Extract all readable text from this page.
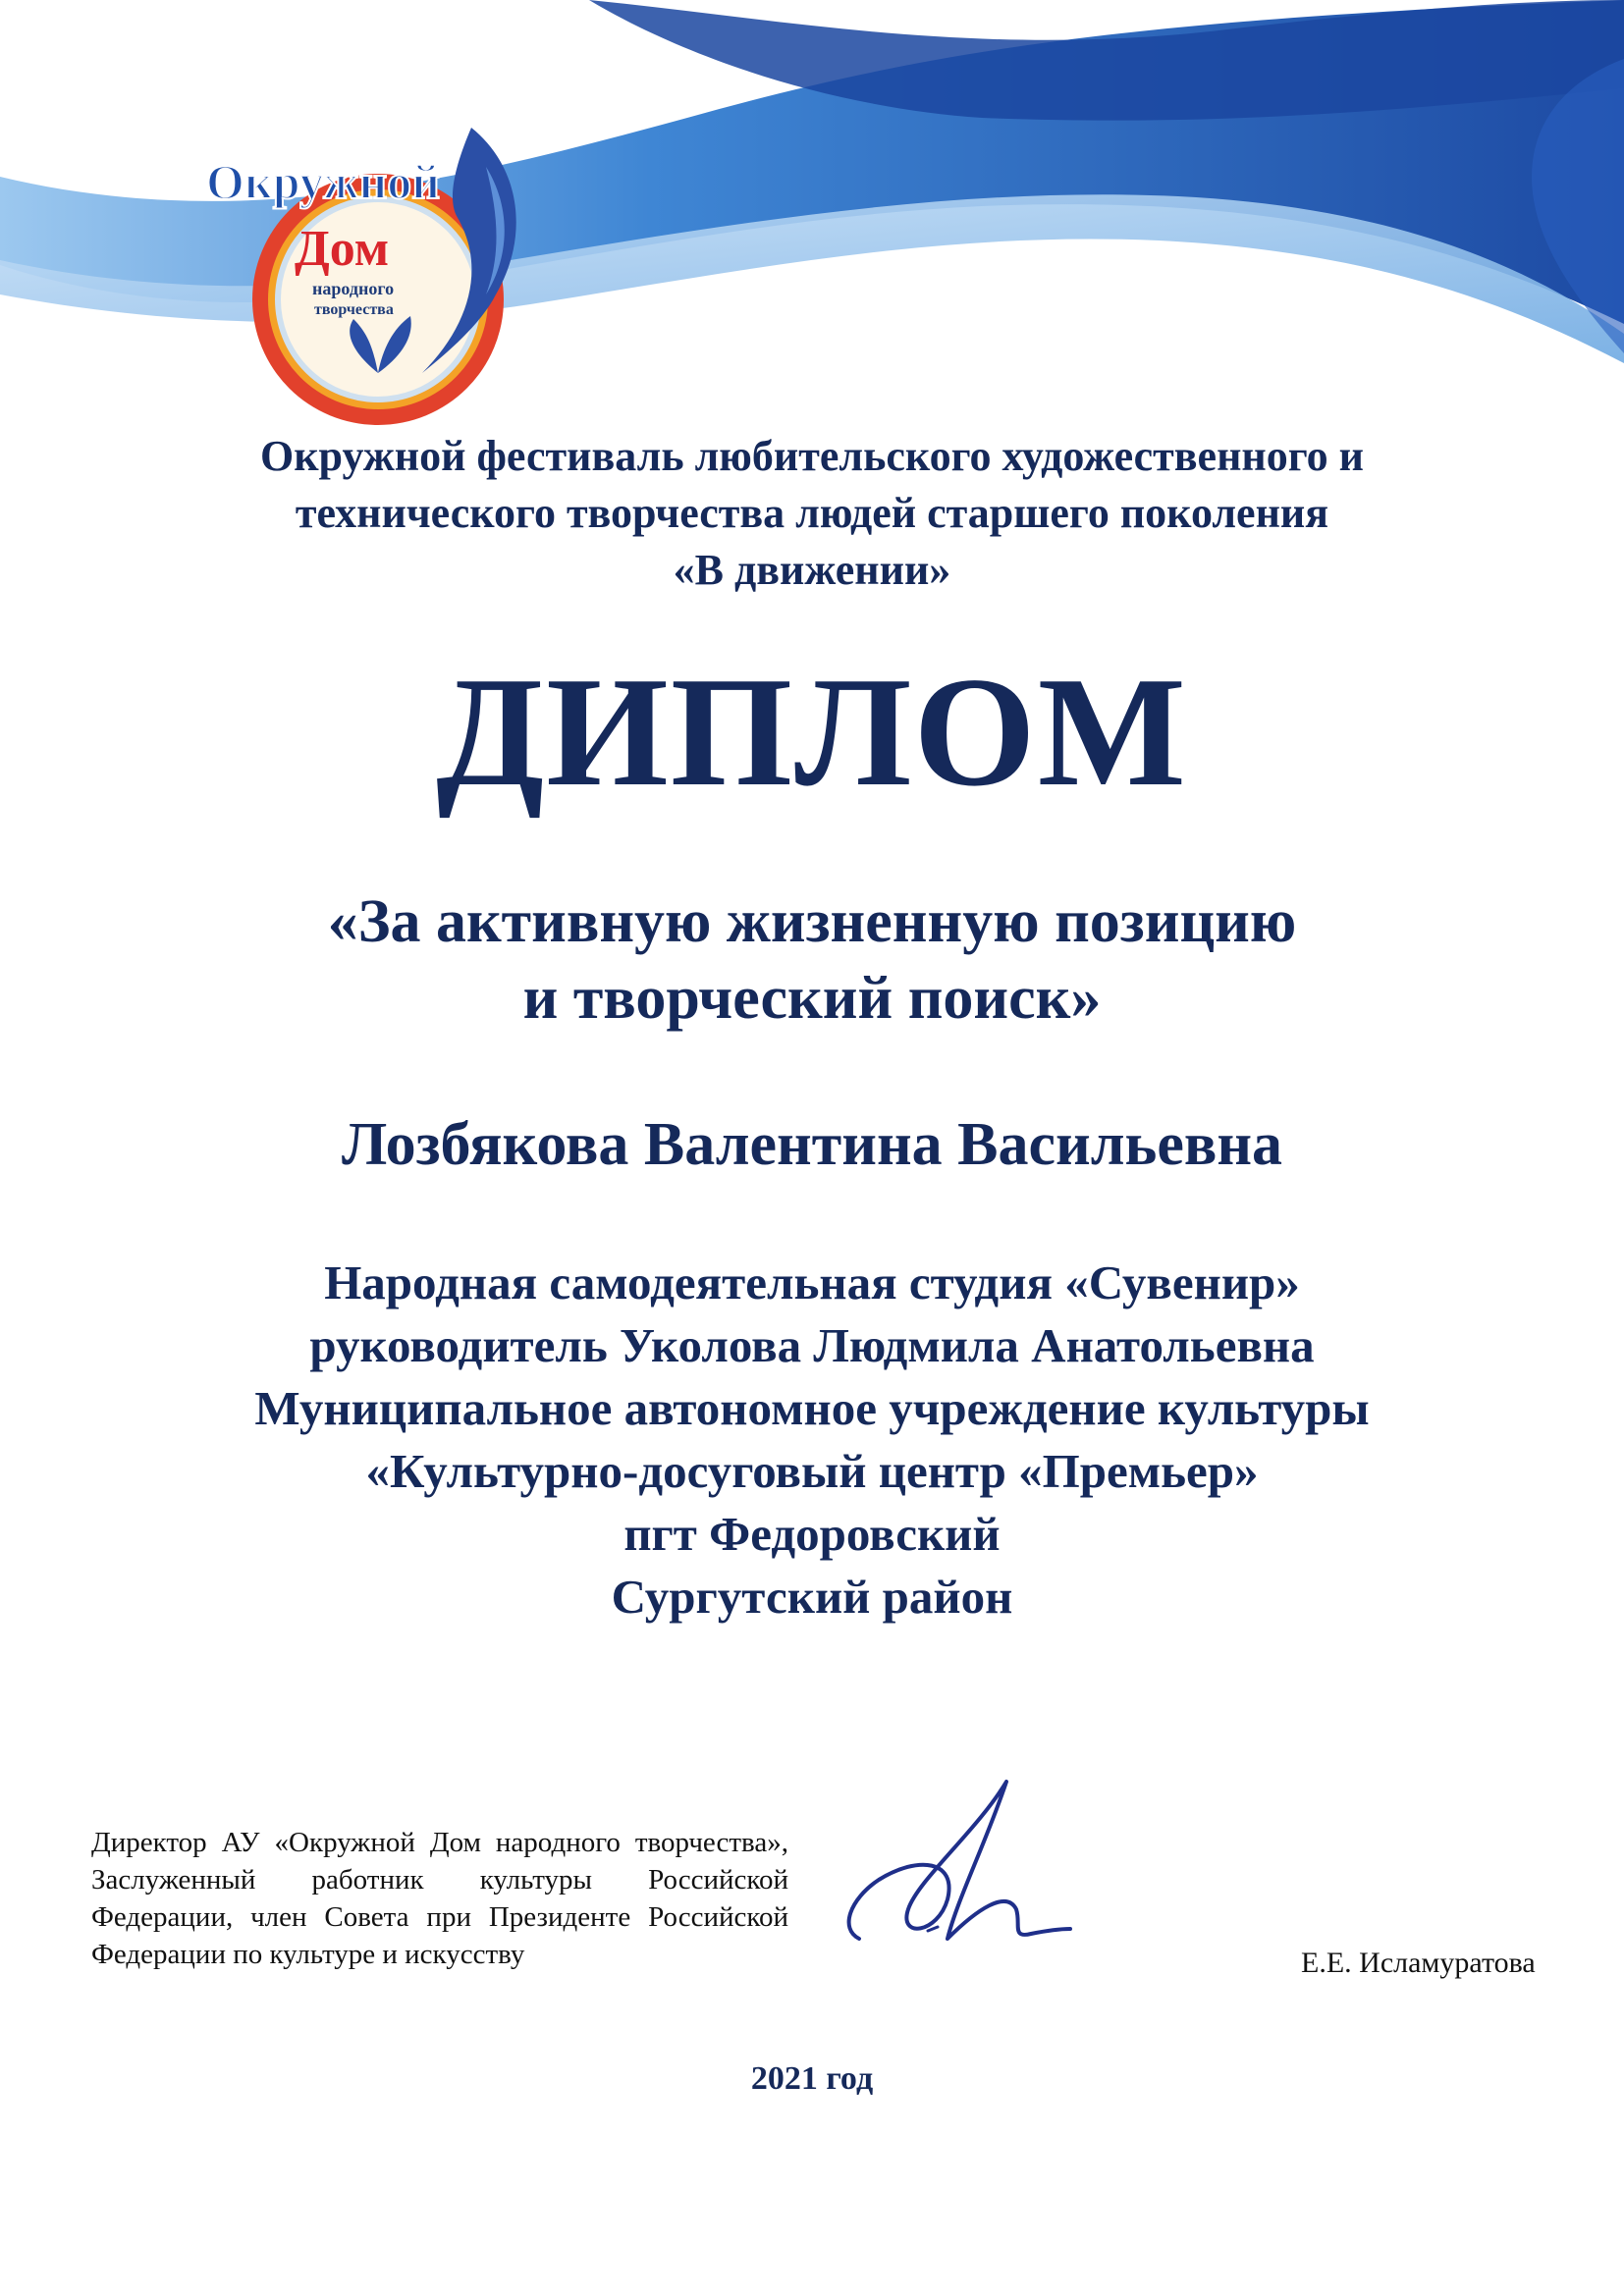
Окружной
Дом
народного
творчества
Окружной фестиваль любительского художественного и
технического творчества людей старшего поколения
«В движении»
ДИПЛОМ
«За активную жизненную позицию
и творческий поиск»
Лозбякова Валентина Васильевна
Народная самодеятельная студия «Сувенир»
руководитель Уколова Людмила Анатольевна
Муниципальное автономное учреждение культуры
«Культурно-досуговый центр «Премьер»
пгт Федоровский
Сургутский район
Директор АУ «Окружной Дом народного творчества», Заслуженный работник культуры Российской Федерации, член Совета при Президенте Российской Федерации по культуре и искусству	Е.Е. Исламуратова
2021 год
